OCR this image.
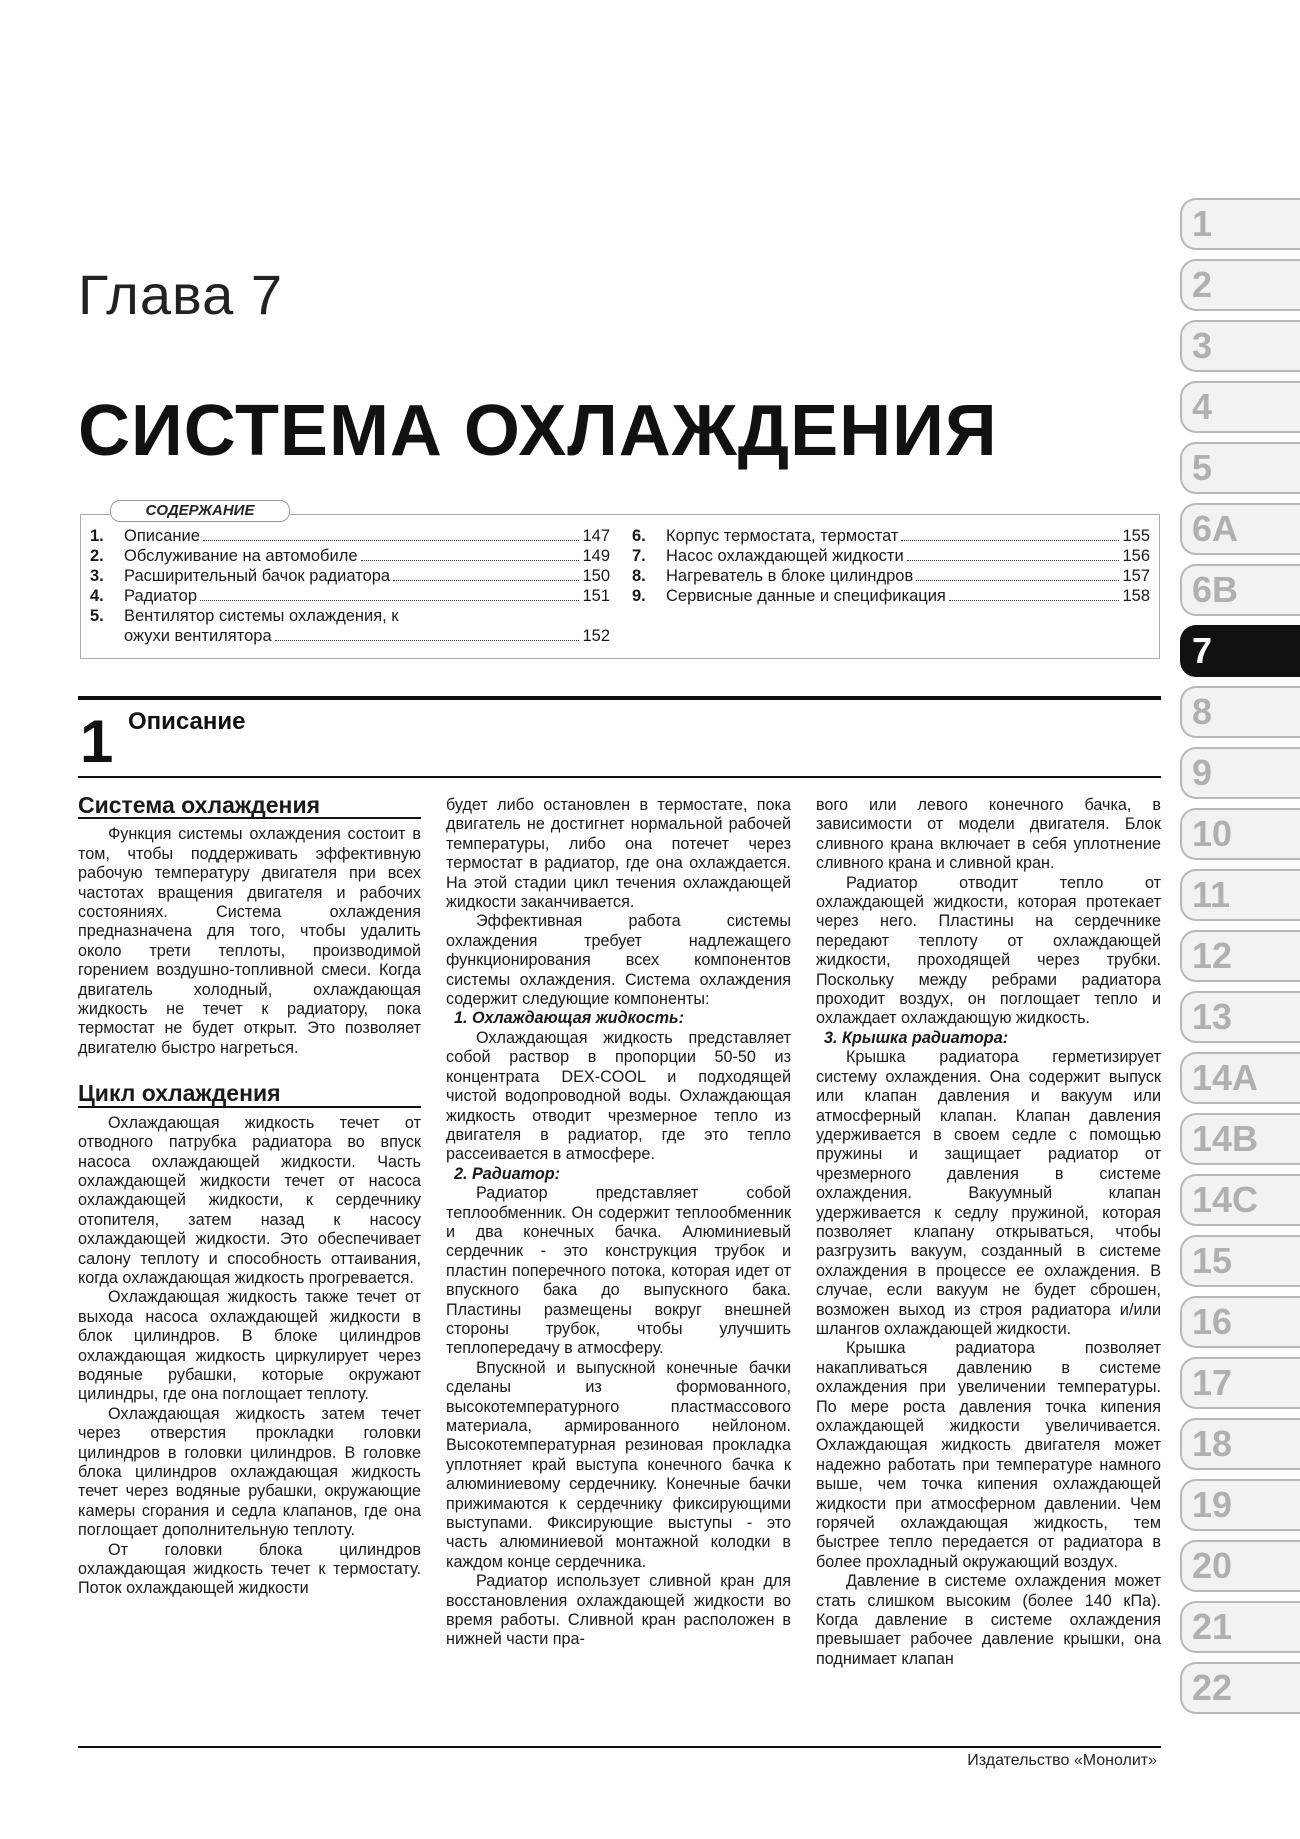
Глава 7
СИСТЕМА ОХЛАЖДЕНИЯ
СОДЕРЖАНИЕ
1.	Описание	147
2.	Обслуживание на автомобиле	149
3.	Расширительный бачок радиатора	150
4.	Радиатор	151
5.	Вентилятор системы охлаждения, к
ожухи вентилятора	152
6.	Корпус термостата, термостат	155
7.	Насос охлаждающей жидкости	156
8.	Нагреватель в блоке цилиндров	157
9.	Сервисные данные и спецификация	158
1
2
3
4
5
6A
6B
7
8
9
10
11
12
13
14A
14B
14C
15
16
17
18
19
20
21
22
1 Описание
Система охлаждения

Функция системы охлаждения состоит в том, чтобы поддерживать эффективную рабочую температуру двигателя при всех частотах вращения двигателя и рабочих состояниях. Система охлаждения предназначена для того, чтобы удалить около трети теплоты, производимой горением воздушно-топливной смеси. Когда двигатель холодный, охлаждающая жидкость не течет к радиатору, пока термостат не будет открыт. Это позволяет двигателю быстро нагреться.

Цикл охлаждения

Охлаждающая жидкость течет от отводного патрубка радиатора во впуск насоса охлаждающей жидкости. Часть охлаждающей жидкости течет от насоса охлаждающей жидкости, к сердечнику отопителя, затем назад к насосу охлаждающей жидкости. Это обеспечивает салону теплоту и способность оттаивания, когда охлаждающая жидкость прогревается.

Охлаждающая жидкость также течет от выхода насоса охлаждающей жидкости в блок цилиндров. В блоке цилиндров охлаждающая жидкость циркулирует через водяные рубашки, которые окружают цилиндры, где она поглощает теплоту.

Охлаждающая жидкость затем течет через отверстия прокладки головки цилиндров в головки цилиндров. В головке блока цилиндров охлаждающая жидкость течет через водяные рубашки, окружающие камеры сгорания и седла клапанов, где она поглощает дополнительную теплоту.

От головки блока цилиндров охлаждающая жидкость течет к термостату. Поток охлаждающей жидкости

будет либо остановлен в термостате, пока двигатель не достигнет нормальной рабочей температуры, либо она потечет через термостат в радиатор, где она охлаждается. На этой стадии цикл течения охлаждающей жидкости заканчивается.

Эффективная работа системы охлаждения требует надлежащего функционирования всех компонентов системы охлаждения. Система охлаждения содержит следующие компоненты:

1. Охлаждающая жидкость:

Охлаждающая жидкость представляет собой раствор в пропорции 50-50 из концентрата DEX-COOL и подходящей чистой водопроводной воды. Охлаждающая жидкость отводит чрезмерное тепло из двигателя в радиатор, где это тепло рассеивается в атмосфере.

2. Радиатор:

Радиатор представляет собой теплообменник. Он содержит теплообменник и два конечных бачка. Алюминиевый сердечник - это конструкция трубок и пластин поперечного потока, которая идет от впускного бака до выпускного бака. Пластины размещены вокруг внешней стороны трубок, чтобы улучшить теплопередачу в атмосферу.

Впускной и выпускной конечные бачки сделаны из формованного, высокотемпературного пластмассового материала, армированного нейлоном. Высокотемпературная резиновая прокладка уплотняет край выступа конечного бачка к алюминиевому сердечнику. Конечные бачки прижимаются к сердечнику фиксирующими выступами. Фиксирующие выступы - это часть алюминиевой монтажной колодки в каждом конце сердечника.

Радиатор использует сливной кран для восстановления охлаждающей жидкости во время работы. Сливной кран расположен в нижней части пра-

вого или левого конечного бачка, в зависимости от модели двигателя. Блок сливного крана включает в себя уплотнение сливного крана и сливной кран.

Радиатор отводит тепло от охлаждающей жидкости, которая протекает через него. Пластины на сердечнике передают теплоту от охлаждающей жидкости, проходящей через трубки. Поскольку между ребрами радиатора проходит воздух, он поглощает тепло и охлаждает охлаждающую жидкость.

3. Крышка радиатора:

Крышка радиатора герметизирует систему охлаждения. Она содержит выпуск или клапан давления и вакуум или атмосферный клапан. Клапан давления удерживается в своем седле с помощью пружины и защищает радиатор от чрезмерного давления в системе охлаждения. Вакуумный клапан удерживается к седлу пружиной, которая позволяет клапану открываться, чтобы разгрузить вакуум, созданный в системе охлаждения в процессе ее охлаждения. В случае, если вакуум не будет сброшен, возможен выход из строя радиатора и/или шлангов охлаждающей жидкости.

Крышка радиатора позволяет накапливаться давлению в системе охлаждения при увеличении температуры. По мере роста давления точка кипения охлаждающей жидкости увеличивается. Охлаждающая жидкость двигателя может надежно работать при температуре намного выше, чем точка кипения охлаждающей жидкости при атмосферном давлении. Чем горячей охлаждающая жидкость, тем быстрее тепло передается от радиатора в более прохладный окружающий воздух.

Давление в системе охлаждения может стать слишком высоким (более 140 кПа). Когда давление в системе охлаждения превышает рабочее давление крышки, она поднимает клапан

Издательство «Монолит»
